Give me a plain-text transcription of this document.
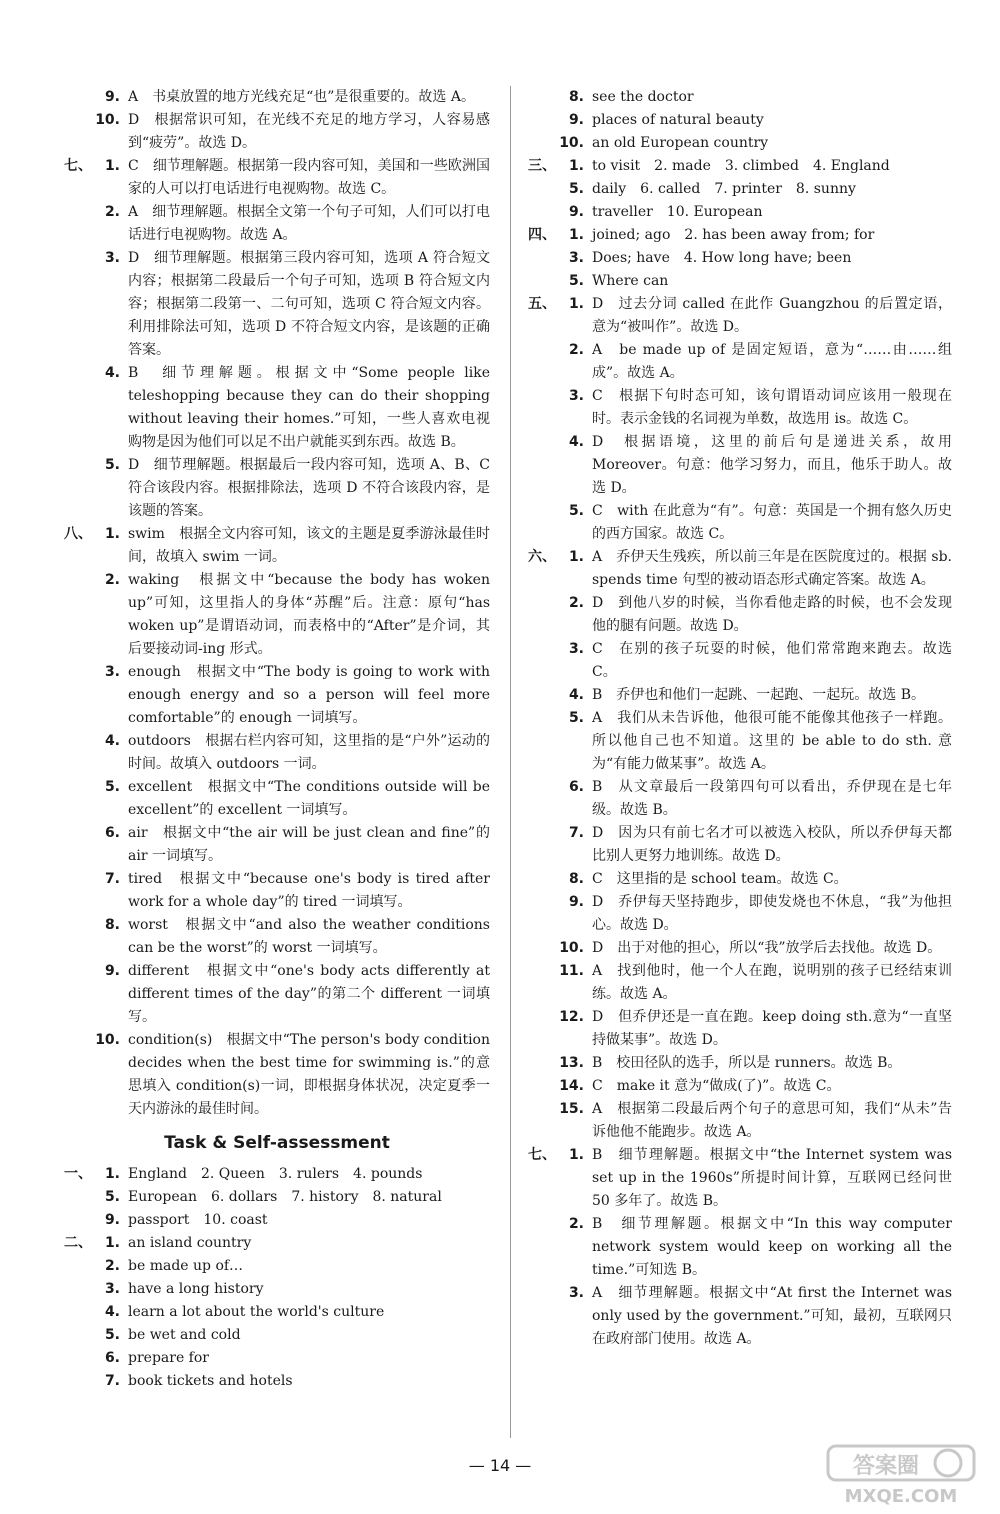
9. A　书桌放置的地方光线充足“也”是很重要的。故选 A。
10. D　根据常识可知，在光线不充足的地方学习，人容易感到“疲劳”。故选 D。
七、 1. C　细节理解题。根据第一段内容可知，美国和一些欧洲国家的人可以打电话进行电视购物。故选 C。
2. A　细节理解题。根据全文第一个句子可知，人们可以打电话进行电视购物。故选 A。
3. D　细节理解题。根据第三段内容可知，选项 A 符合短文内容；根据第二段最后一个句子可知，选项 B 符合短文内容；根据第二段第一、二句可知，选项 C 符合短文内容。利用排除法可知，选项 D 不符合短文内容，是该题的正确答案。
4. B　细节理解题。根据文中“Some people like teleshopping because they can do their shopping without leaving their homes.”可知，一些人喜欢电视购物是因为他们可以足不出户就能买到东西。故选 B。
5. D　细节理解题。根据最后一段内容可知，选项 A、B、C 符合该段内容。根据排除法，选项 D 不符合该段内容，是该题的答案。
八、 1. swim　根据全文内容可知，该文的主题是夏季游泳最佳时间，故填入 swim 一词。
2. waking　根据文中“because the body has woken up”可知，这里指人的身体“苏醒”后。注意：原句“has woken up”是谓语动词，而表格中的“After”是介词，其后要接动词-ing 形式。
3. enough　根据文中“The body is going to work with enough energy and so a person will feel more comfortable”的 enough 一词填写。
4. outdoors　根据右栏内容可知，这里指的是“户外”运动的时间。故填入 outdoors 一词。
5. excellent　根据文中“The conditions outside will be excellent”的 excellent 一词填写。
6. air　根据文中“the air will be just clean and fine”的 air 一词填写。
7. tired　根据文中“because one's body is tired after work for a whole day”的 tired 一词填写。
8. worst　根据文中“and also the weather conditions can be the worst”的 worst 一词填写。
9. different　根据文中“one's body acts differently at different times of the day”的第二个 different 一词填写。
10. condition(s)　根据文中“The person's body condition decides when the best time for swimming is.”的意思填入 condition(s)一词，即根据身体状况，决定夏季一天内游泳的最佳时间。
Task & Self-assessment
一、 1. England　2. Queen　3. rulers　4. pounds
5. European　6. dollars　7. history　8. natural
9. passport　10. coast
二、 1. an island country
2. be made up of…
3. have a long history
4. learn a lot about the world's culture
5. be wet and cold
6. prepare for
7. book tickets and hotels
8. see the doctor
9. places of natural beauty
10. an old European country
三、 1. to visit　2. made　3. climbed　4. England
5. daily　6. called　7. printer　8. sunny
9. traveller　10. European
四、 1. joined; ago　2. has been away from; for
3. Does; have　4. How long have; been
5. Where can
五、 1. D　过去分词 called 在此作 Guangzhou 的后置定语，意为“被叫作”。故选 D。
2. A　be made up of 是固定短语，意为“……由……组成”。故选 A。
3. C　根据下句时态可知，该句谓语动词应该用一般现在时。表示金钱的名词视为单数，故选用 is。故选 C。
4. D　根据语境，这里的前后句是递进关系，故用 Moreover。句意：他学习努力，而且，他乐于助人。故选 D。
5. C　with 在此意为“有”。句意：英国是一个拥有悠久历史的西方国家。故选 C。
六、 1. A　乔伊天生残疾，所以前三年是在医院度过的。根据 sb. spends time 句型的被动语态形式确定答案。故选 A。
2. D　到他八岁的时候，当你看他走路的时候，也不会发现他的腿有问题。故选 D。
3. C　在别的孩子玩耍的时候，他们常常跑来跑去。故选 C。
4. B　乔伊也和他们一起跳、一起跑、一起玩。故选 B。
5. A　我们从未告诉他，他很可能不能像其他孩子一样跑。所以他自己也不知道。这里的 be able to do sth. 意为“有能力做某事”。故选 A。
6. B　从文章最后一段第四句可以看出，乔伊现在是七年级。故选 B。
7. D　因为只有前七名才可以被选入校队，所以乔伊每天都比别人更努力地训练。故选 D。
8. C　这里指的是 school team。故选 C。
9. D　乔伊每天坚持跑步，即使发烧也不休息，“我”为他担心。故选 D。
10. D　出于对他的担心，所以“我”放学后去找他。故选 D。
11. A　找到他时，他一个人在跑，说明别的孩子已经结束训练。故选 A。
12. D　但乔伊还是一直在跑。keep doing sth.意为“一直坚持做某事”。故选 D。
13. B　校田径队的选手，所以是 runners。故选 B。
14. C　make it 意为“做成(了)”。故选 C。
15. A　根据第二段最后两个句子的意思可知，我们“从未”告诉他他不能跑步。故选 A。
七、 1. B　细节理解题。根据文中“the Internet system was set up in the 1960s”所提时间计算，互联网已经问世 50 多年了。故选 B。
2. B　细节理解题。根据文中“In this way computer network system would keep on working all the time.”可知选 B。
3. A　细节理解题。根据文中“At first the Internet was only used by the government.”可知，最初，互联网只在政府部门使用。故选 A。
— 14 —	答案圈
MXQE.COM
